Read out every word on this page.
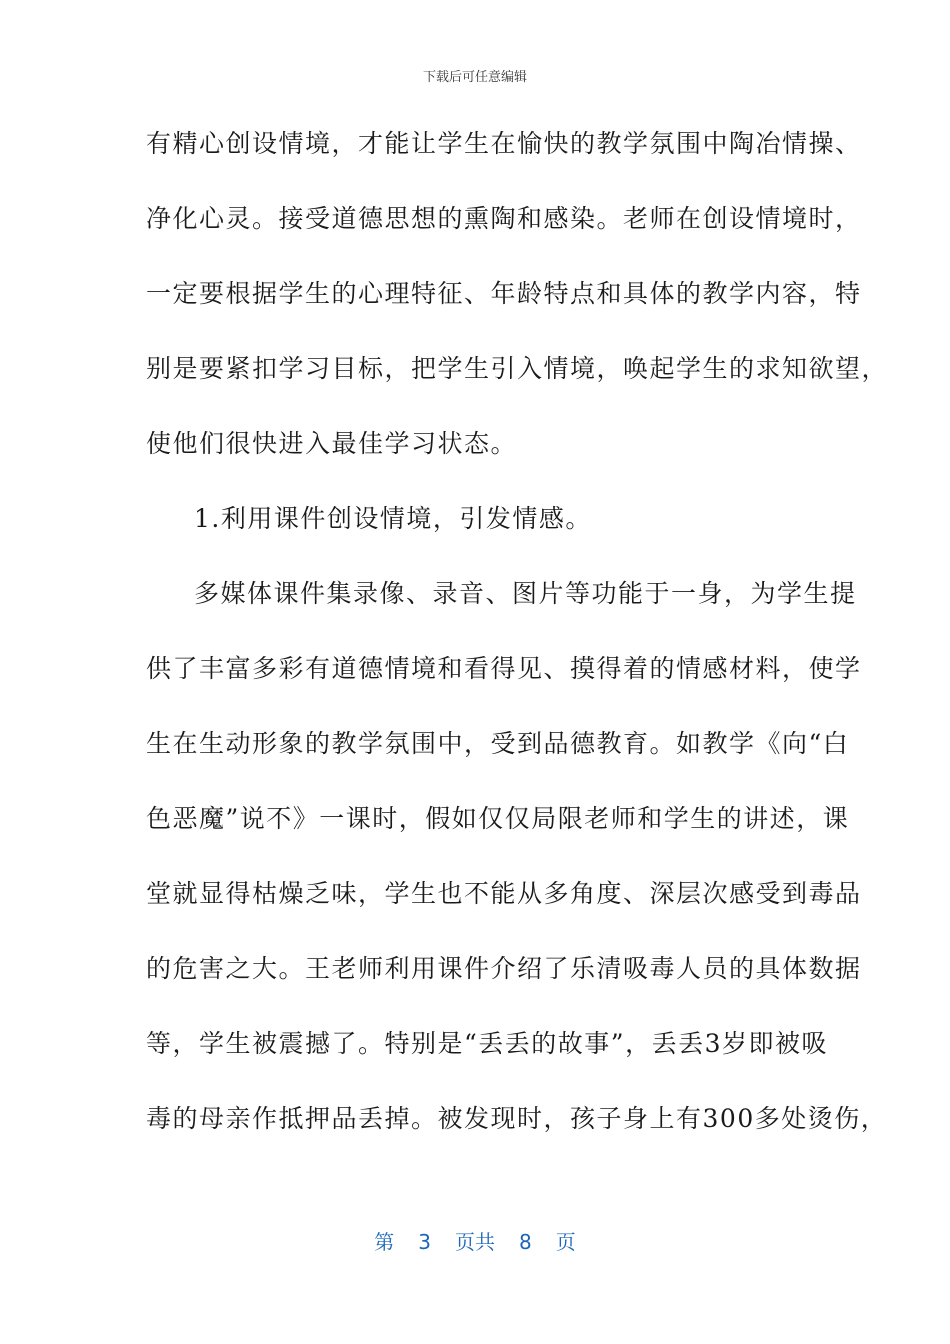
下载后可任意编辑
有精心创设情境，才能让学生在愉快的教学氛围中陶冶情操、
净化心灵。接受道德思想的熏陶和感染。老师在创设情境时，
一定要根据学生的心理特征、年龄特点和具体的教学内容，特
别是要紧扣学习目标，把学生引入情境，唤起学生的求知欲望，
使他们很快进入最佳学习状态。
1.利用课件创设情境，引发情感。
多媒体课件集录像、录音、图片等功能于一身，为学生提
供了丰富多彩有道德情境和看得见、摸得着的情感材料，使学
生在生动形象的教学氛围中，受到品德教育。如教学《向“白
色恶魔”说不》一课时，假如仅仅局限老师和学生的讲述，课
堂就显得枯燥乏味，学生也不能从多角度、深层次感受到毒品
的危害之大。王老师利用课件介绍了乐清吸毒人员的具体数据
等，学生被震撼了。特别是“丢丢的故事”，丢丢3岁即被吸
毒的母亲作抵押品丢掉。被发现时，孩子身上有300多处烫伤，
第 3 页共 8 页
